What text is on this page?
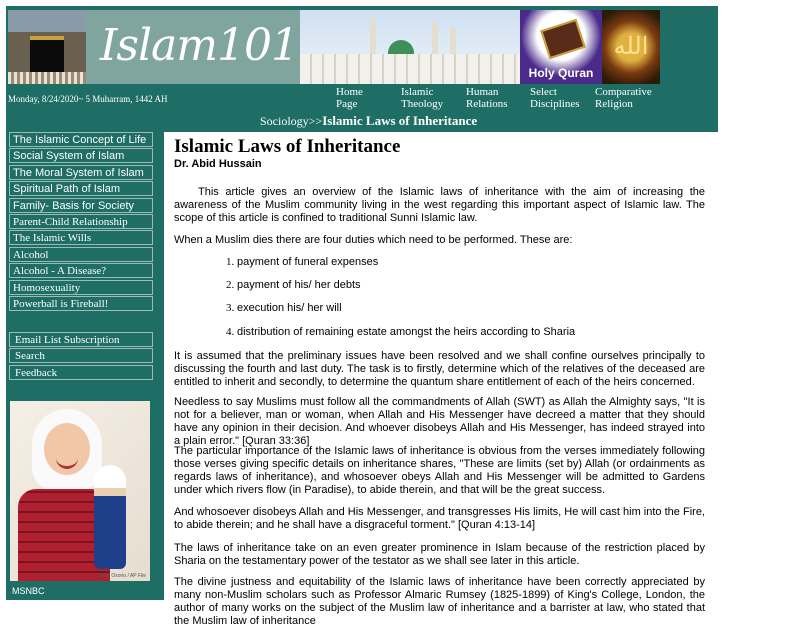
Islam101
Holy Quran
الله
Monday, 8/24/2020~ 5 Muharram, 1442 AH
Home
Page
Islamic
Theology
Human
Relations
Select
Disciplines
Comparative
Religion
Sociology>>Islamic Laws of Inheritance
The Islamic Concept of Life
Social System of Islam
The Moral System of Islam
Spiritual Path of Islam
Family- Basis for Society
Parent-Child Relationship
The Islamic Wills
Alcohol
Alcohol - A Disease?
Homosexuality
Powerball is Fireball!
Email List Subscription
Search
Feedback
Carlos Osorio / AP File
MSNBC
Islamic Laws of Inheritance
Dr. Abid Hussain

This article gives an overview of the Islamic laws of inheritance with the aim of increasing the awareness of the Muslim community living in the west regarding this important aspect of Islamic law. The scope of this article is confined to traditional Sunni Islamic law.

When a Muslim dies there are four duties which need to be performed. These are:

1. payment of funeral expenses
2. payment of his/ her debts
3. execution his/ her will
4. distribution of remaining estate amongst the heirs according to Sharia

It is assumed that the preliminary issues have been resolved and we shall confine ourselves principally to discussing the fourth and last duty. The task is to firstly, determine which of the relatives of the deceased are entitled to inherit and secondly, to determine the quantum share entitlement of each of the heirs concerned.

Needless to say Muslims must follow all the commandments of Allah (SWT) as Allah the Almighty says, "It is not for a believer, man or woman, when Allah and His Messenger have decreed a matter that they should have any opinion in their decision. And whoever disobeys Allah and His Messenger, has indeed strayed into a plain error." [Quran 33:36]

The particular importance of the Islamic laws of inheritance is obvious from the verses immediately following those verses giving specific details on inheritance shares, "These are limits (set by) Allah (or ordainments as regards laws of inheritance), and whosoever obeys Allah and His Messenger will be admitted to Gardens under which rivers flow (in Paradise), to abide therein, and that will be the great success.

And whosoever disobeys Allah and His Messenger, and transgresses His limits, He will cast him into the Fire, to abide therein; and he shall have a disgraceful torment." [Quran 4:13-14]

The laws of inheritance take on an even greater prominence in Islam because of the restriction placed by Sharia on the testamentary power of the testator as we shall see later in this article.

The divine justness and equitability of the Islamic laws of inheritance have been correctly appreciated by many non-Muslim scholars such as Professor Almaric Rumsey (1825-1899) of King's College, London, the author of many works on the subject of the Muslim law of inheritance and a barrister at law, who stated that the Muslim law of inheritance
